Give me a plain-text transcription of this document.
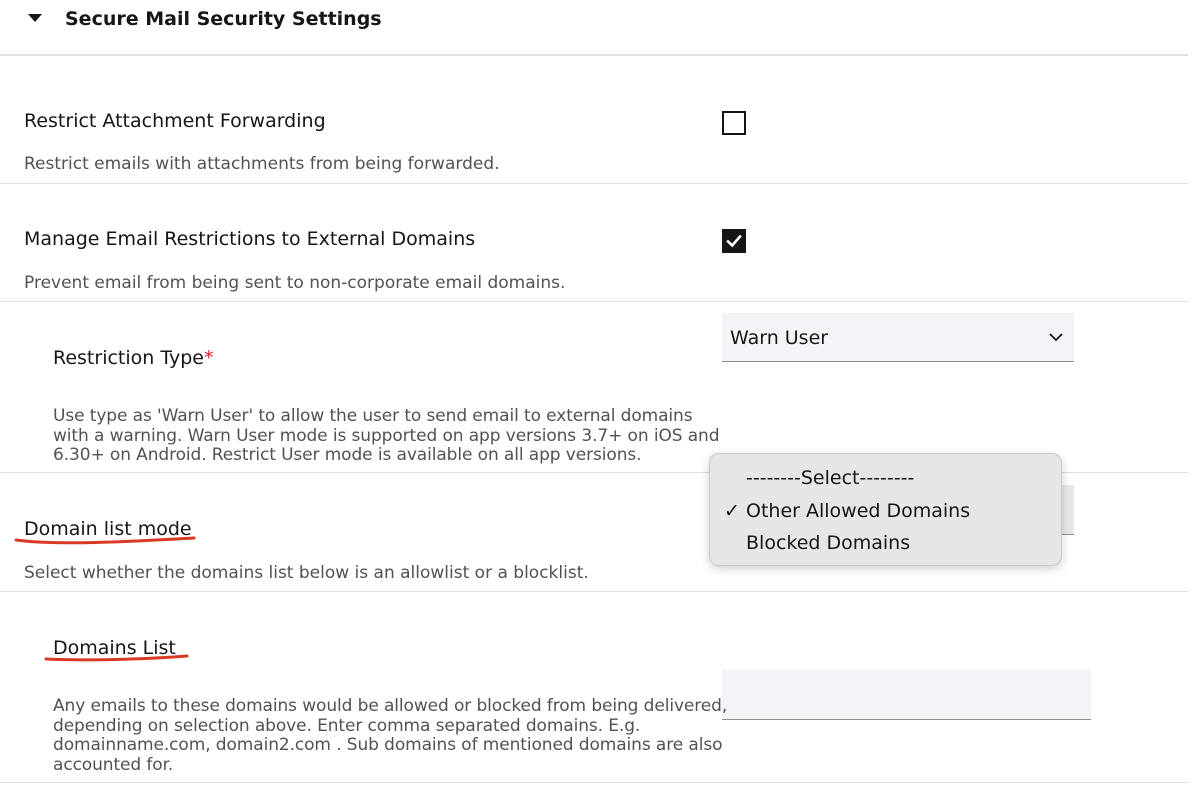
Secure Mail Security Settings
Restrict Attachment Forwarding
Restrict emails with attachments from being forwarded.
Manage Email Restrictions to External Domains
Prevent email from being sent to non-corporate email domains.
Restriction Type*
Warn User
Use type as 'Warn User' to allow the user to send email to external domains
with a warning. Warn User mode is supported on app versions 3.7+ on iOS and
6.30+ on Android. Restrict User mode is available on all app versions.
Domain list mode
Select whether the domains list below is an allowlist or a blocklist.
--------Select--------
✓ Other Allowed Domains
Blocked Domains
Domains List
Any emails to these domains would be allowed or blocked from being delivered,
depending on selection above. Enter comma separated domains. E.g.
domainname.com, domain2.com . Sub domains of mentioned domains are also
accounted for.
